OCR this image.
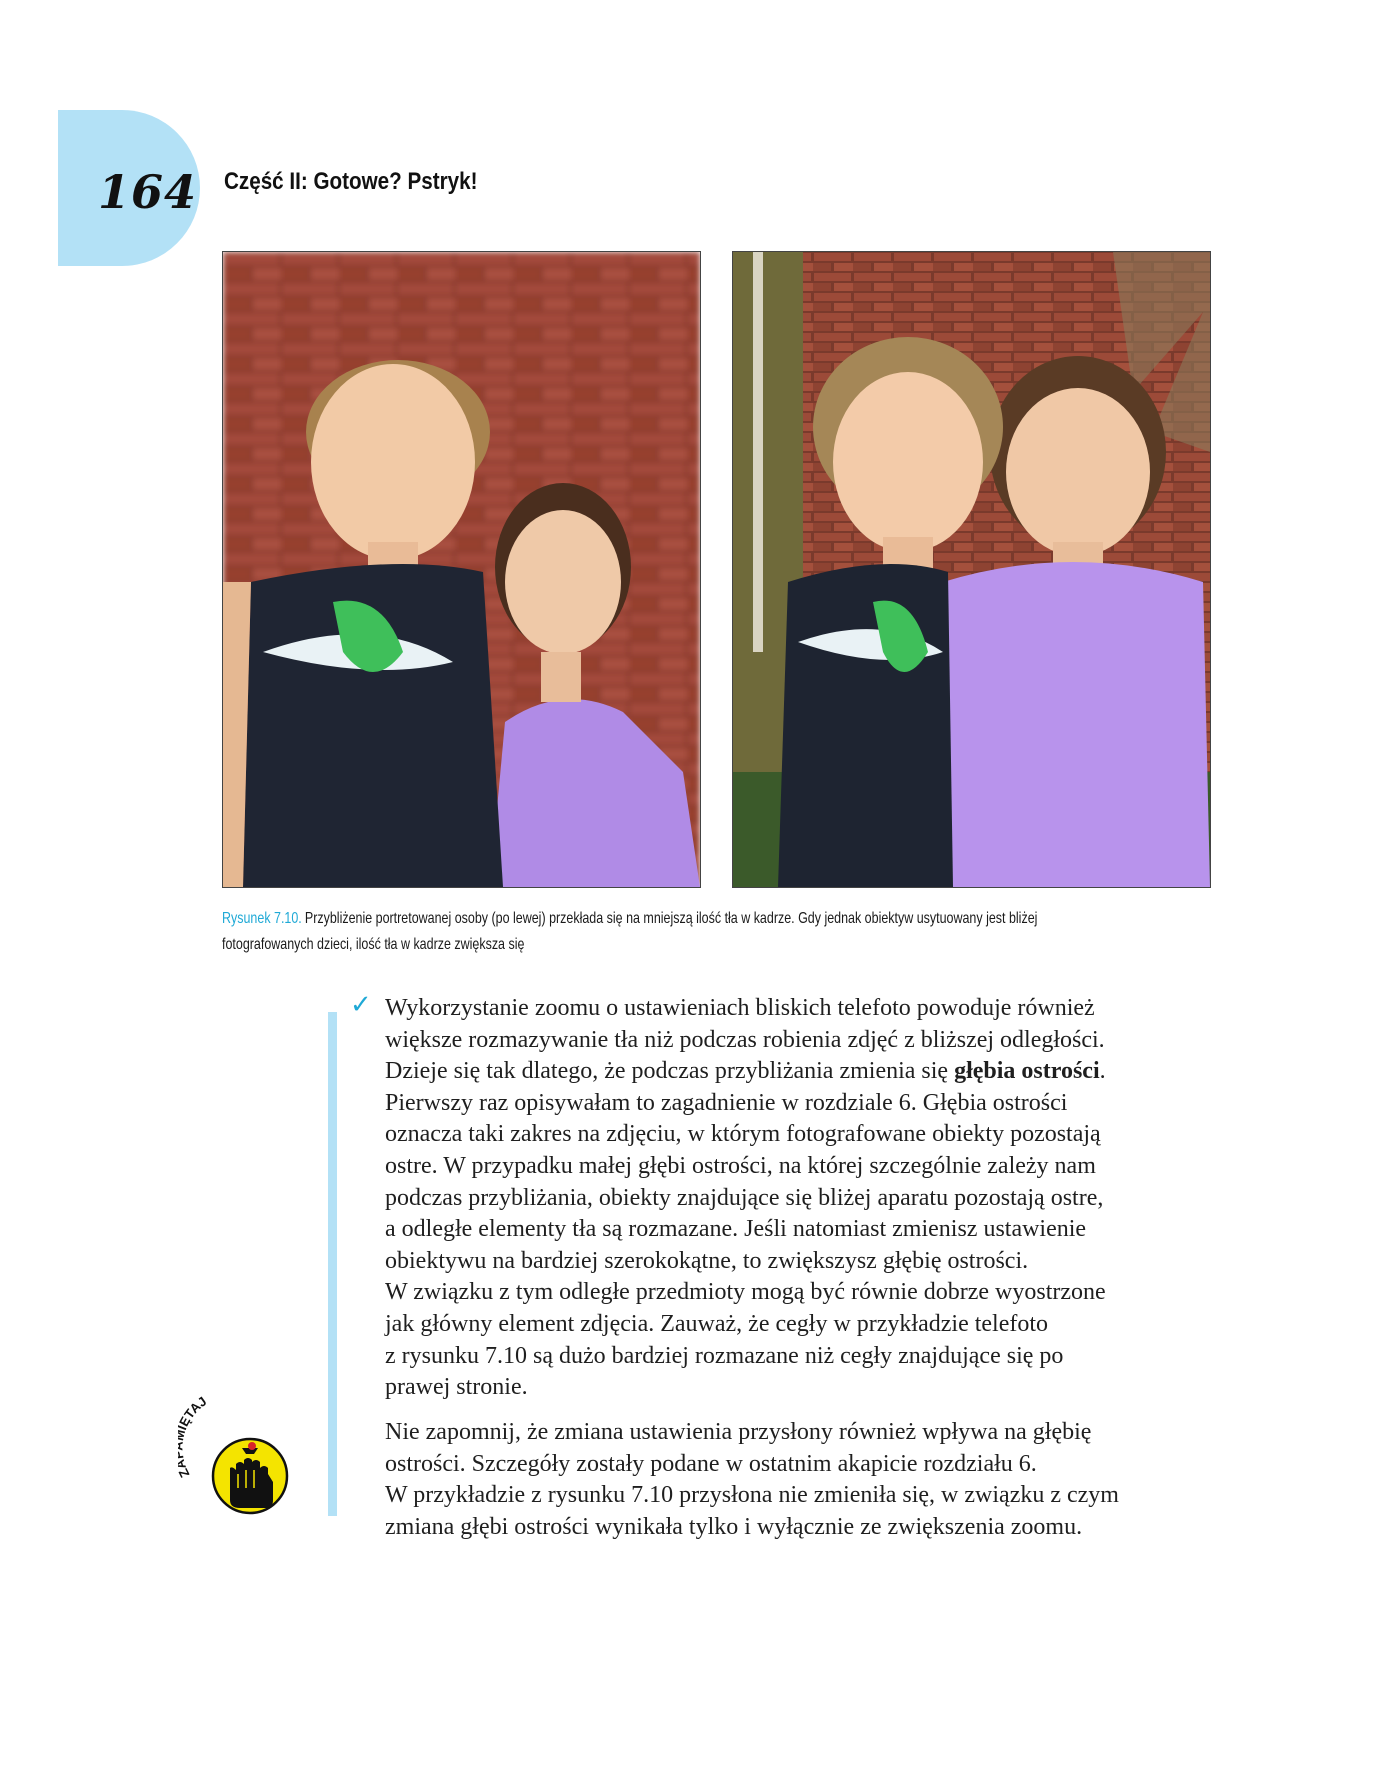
164 Część II: Gotowe? Pstryk!
Rysunek 7.10. Przybliżenie portretowanej osoby (po lewej) przekłada się na mniejszą ilość tła w kadrze. Gdy jednak obiektyw usytuowany jest bliżej
fotografowanych dzieci, ilość tła w kadrze zwiększa się
✓ Wykorzystanie zoomu o ustawieniach bliskich telefoto powoduje również
większe rozmazywanie tła niż podczas robienia zdjęć z bliższej odległości.
Dzieje się tak dlatego, że podczas przybliżania zmienia się głębia ostrości.
Pierwszy raz opisywałam to zagadnienie w rozdziale 6. Głębia ostrości
oznacza taki zakres na zdjęciu, w którym fotografowane obiekty pozostają
ostre. W przypadku małej głębi ostrości, na której szczególnie zależy nam
podczas przybliżania, obiekty znajdujące się bliżej aparatu pozostają ostre,
a odległe elementy tła są rozmazane. Jeśli natomiast zmienisz ustawienie
obiektywu na bardziej szerokokątne, to zwiększysz głębię ostrości.
W związku z tym odległe przedmioty mogą być równie dobrze wyostrzone
jak główny element zdjęcia. Zauważ, że cegły w przykładzie telefoto
z rysunku 7.10 są dużo bardziej rozmazane niż cegły znajdujące się po
prawej stronie.
Nie zapomnij, że zmiana ustawienia przysłony również wpływa na głębię
ostrości. Szczegóły zostały podane w ostatnim akapicie rozdziału 6.
W przykładzie z rysunku 7.10 przysłona nie zmieniła się, w związku z czym
zmiana głębi ostrości wynikała tylko i wyłącznie ze zwiększenia zoomu.
TAJ
